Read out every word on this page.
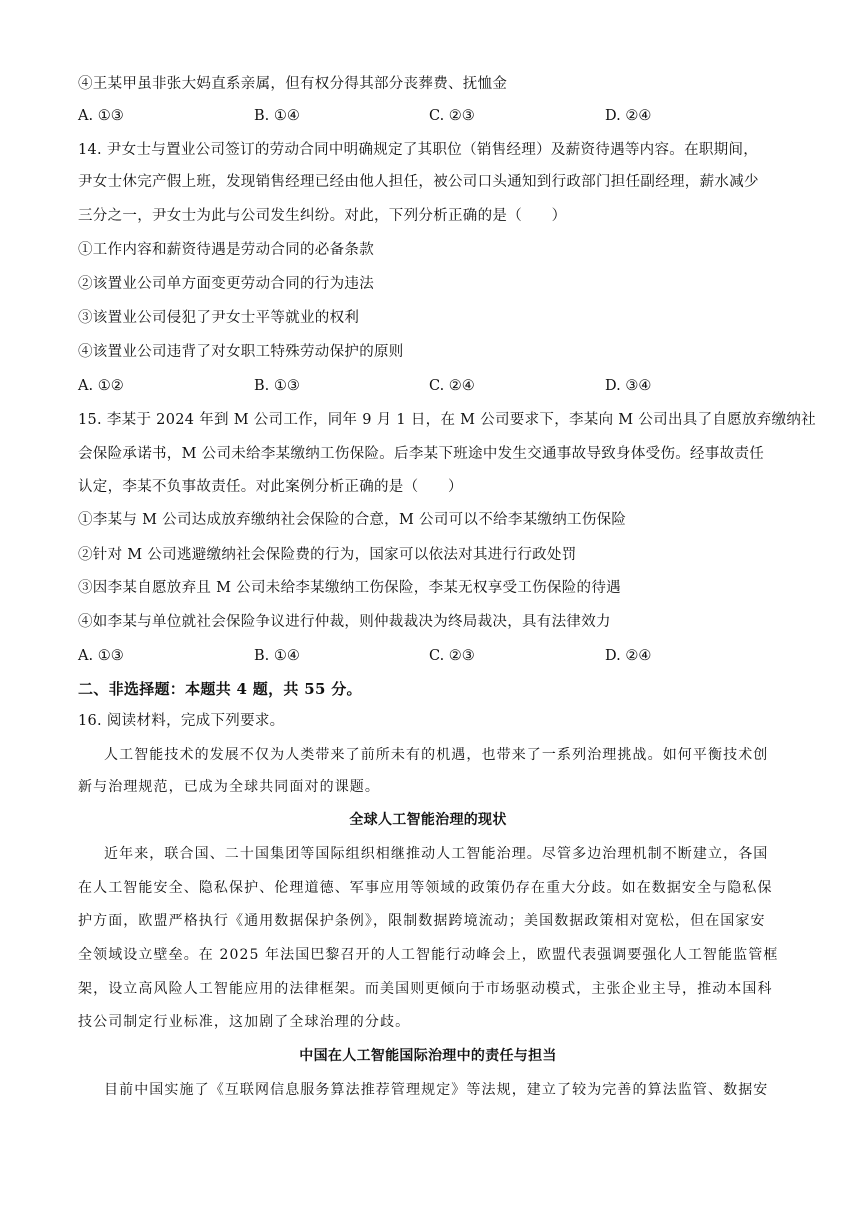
④王某甲虽非张大妈直系亲属，但有权分得其部分丧葬费、抚恤金
A. ①③	B. ①④	C. ②③	D. ②④
14. 尹女士与置业公司签订的劳动合同中明确规定了其职位（销售经理）及薪资待遇等内容。在职期间，
尹女士休完产假上班，发现销售经理已经由他人担任，被公司口头通知到行政部门担任副经理，薪水减少
三分之一，尹女士为此与公司发生纠纷。对此，下列分析正确的是（　　）
①工作内容和薪资待遇是劳动合同的必备条款
②该置业公司单方面变更劳动合同的行为违法
③该置业公司侵犯了尹女士平等就业的权利
④该置业公司违背了对女职工特殊劳动保护的原则
A. ①②	B. ①③	C. ②④	D. ③④
15. 李某于 2024 年到 M 公司工作，同年 9 月 1 日，在 M 公司要求下，李某向 M 公司出具了自愿放弃缴纳社
会保险承诺书，M 公司未给李某缴纳工伤保险。后李某下班途中发生交通事故导致身体受伤。经事故责任
认定，李某不负事故责任。对此案例分析正确的是（　　）
①李某与 M 公司达成放弃缴纳社会保险的合意，M 公司可以不给李某缴纳工伤保险
②针对 M 公司逃避缴纳社会保险费的行为，国家可以依法对其进行行政处罚
③因李某自愿放弃且 M 公司未给李某缴纳工伤保险，李某无权享受工伤保险的待遇
④如李某与单位就社会保险争议进行仲裁，则仲裁裁决为终局裁决，具有法律效力
A. ①③	B. ①④	C. ②③	D. ②④
二、非选择题：本题共 4 题，共 55 分。
16. 阅读材料，完成下列要求。
人工智能技术的发展不仅为人类带来了前所未有的机遇，也带来了一系列治理挑战。如何平衡技术创
新与治理规范，已成为全球共同面对的课题。
全球人工智能治理的现状
近年来，联合国、二十国集团等国际组织相继推动人工智能治理。尽管多边治理机制不断建立，各国
在人工智能安全、隐私保护、伦理道德、军事应用等领域的政策仍存在重大分歧。如在数据安全与隐私保
护方面，欧盟严格执行《通用数据保护条例》，限制数据跨境流动；美国数据政策相对宽松，但在国家安
全领域设立壁垒。在 2025 年法国巴黎召开的人工智能行动峰会上，欧盟代表强调要强化人工智能监管框
架，设立高风险人工智能应用的法律框架。而美国则更倾向于市场驱动模式，主张企业主导，推动本国科
技公司制定行业标准，这加剧了全球治理的分歧。
中国在人工智能国际治理中的责任与担当
目前中国实施了《互联网信息服务算法推荐管理规定》等法规，建立了较为完善的算法监管、数据安
